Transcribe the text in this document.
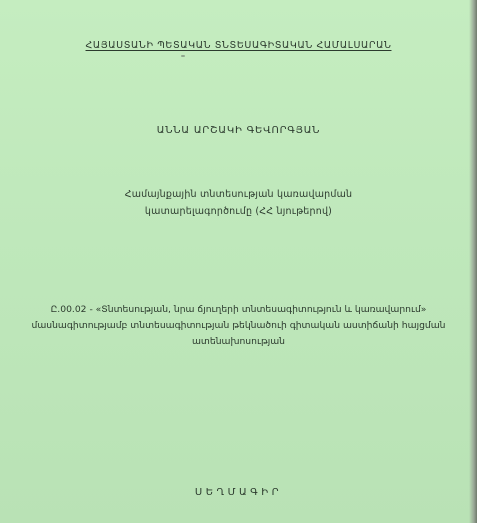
ՀԱՅԱՍՏԱՆԻ ՊԵՏԱԿԱՆ ՏՆՏԵՍԱԳԻՏԱԿԱՆ ՀԱՄԱԼՍԱՐԱՆ
ԱՆՆԱ ԱՐՇԱԿԻ ԳԵՎՈՐԳՅԱՆ
Համայնքային տնտեսության կառավարման
կատարելագործումը (ՀՀ նյութերով)
Ը.00.02 - «Տնտեսության, նրա ճյուղերի տնտեսագիտություն և կառավարում»
մասնագիտությամբ տնտեսագիտության թեկնածուի գիտական աստիճանի հայցման
ատենախոսության
ՍԵՂՄԱԳԻՐ
